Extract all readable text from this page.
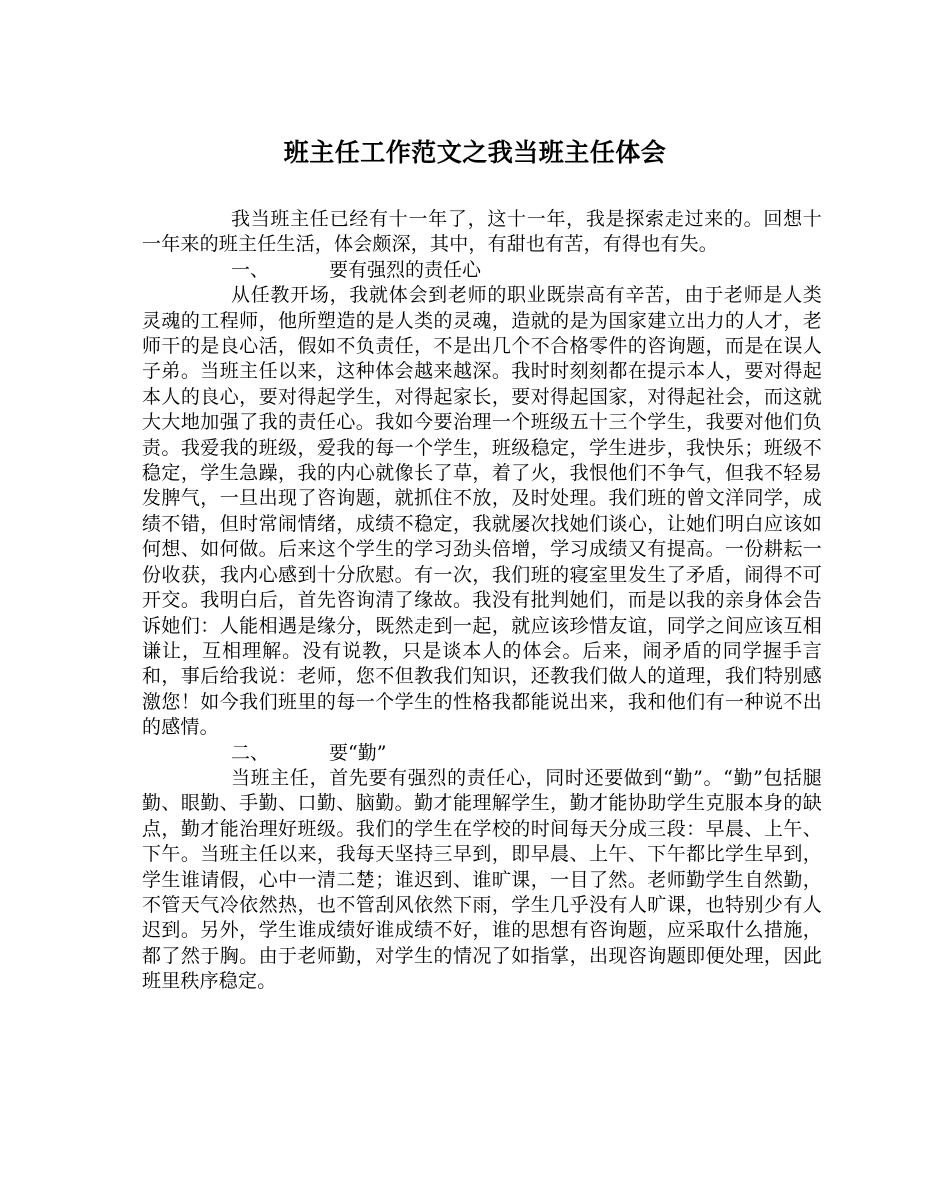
班主任工作范文之我当班主任体会

我当班主任已经有十一年了，这十一年，我是探索走过来的。回想十一年来的班主任生活，体会颇深，其中，有甜也有苦，有得也有失。

一、	要有强烈的责任心

从任教开场，我就体会到老师的职业既崇高有辛苦，由于老师是人类灵魂的工程师，他所塑造的是人类的灵魂，造就的是为国家建立出力的人才，老师干的是良心活，假如不负责任，不是出几个不合格零件的咨询题，而是在误人子弟。当班主任以来，这种体会越来越深。我时时刻刻都在提示本人，要对得起本人的良心，要对得起学生，对得起家长，要对得起国家，对得起社会，而这就大大地加强了我的责任心。我如今要治理一个班级五十三个学生，我要对他们负责。我爱我的班级，爱我的每一个学生，班级稳定，学生进步，我快乐；班级不稳定，学生急躁，我的内心就像长了草，着了火，我恨他们不争气，但我不轻易发脾气，一旦出现了咨询题，就抓住不放，及时处理。我们班的曾文洋同学，成绩不错，但时常闹情绪，成绩不稳定，我就屡次找她们谈心，让她们明白应该如何想、如何做。后来这个学生的学习劲头倍增，学习成绩又有提高。一份耕耘一份收获，我内心感到十分欣慰。有一次，我们班的寝室里发生了矛盾，闹得不可开交。我明白后，首先咨询清了缘故。我没有批判她们，而是以我的亲身体会告诉她们：人能相遇是缘分，既然走到一起，就应该珍惜友谊，同学之间应该互相谦让，互相理解。没有说教，只是谈本人的体会。后来，闹矛盾的同学握手言和，事后给我说：老师，您不但教我们知识，还教我们做人的道理，我们特别感激您！如今我们班里的每一个学生的性格我都能说出来，我和他们有一种说不出的感情。

二、	要“勤”

当班主任，首先要有强烈的责任心，同时还要做到“勤”。“勤”包括腿勤、眼勤、手勤、口勤、脑勤。勤才能理解学生，勤才能协助学生克服本身的缺点，勤才能治理好班级。我们的学生在学校的时间每天分成三段：早晨、上午、下午。当班主任以来，我每天坚持三早到，即早晨、上午、下午都比学生早到，学生谁请假，心中一清二楚；谁迟到、谁旷课，一目了然。老师勤学生自然勤，不管天气冷依然热，也不管刮风依然下雨，学生几乎没有人旷课，也特别少有人迟到。另外，学生谁成绩好谁成绩不好，谁的思想有咨询题，应采取什么措施，都了然于胸。由于老师勤，对学生的情况了如指掌，出现咨询题即便处理，因此班里秩序稳定。
